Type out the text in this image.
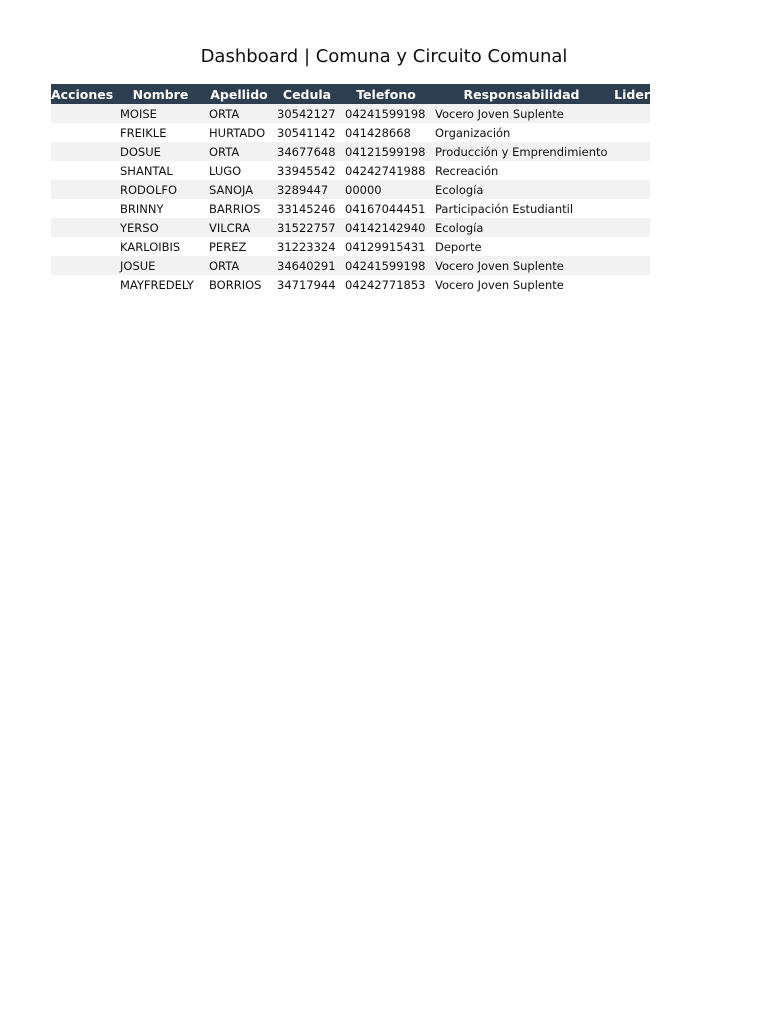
Dashboard | Comuna y Circuito Comunal
Acciones	Nombre	Apellido	Cedula	Telefono	Responsabilidad	Lider
	MOISE	ORTA	30542127	04241599198	Vocero Joven Suplente	
	FREIKLE	HURTADO	30541142	041428668	Organización	
	DOSUE	ORTA	34677648	04121599198	Producción y Emprendimiento	
	SHANTAL	LUGO	33945542	04242741988	Recreación	
	RODOLFO	SANOJA	3289447	00000	Ecología	
	BRINNY	BARRIOS	33145246	04167044451	Participación Estudiantil	
	YERSO	VILCRA	31522757	04142142940	Ecología	
	KARLOIBIS	PEREZ	31223324	04129915431	Deporte	
	JOSUE	ORTA	34640291	04241599198	Vocero Joven Suplente	
	MAYFREDELY	BORRIOS	34717944	04242771853	Vocero Joven Suplente	
